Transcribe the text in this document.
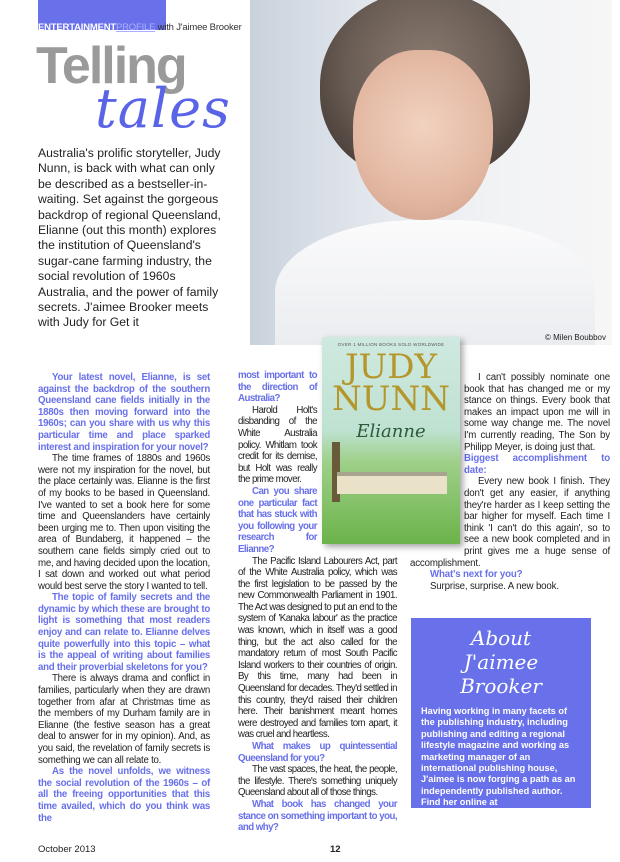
ENTERTAINMENTPROFILE with J'aimee Brooker
Telling
tales
Australia's prolific storyteller, Judy Nunn, is back with what can only be described as a bestseller-in-waiting. Set against the gorgeous backdrop of regional Queensland, Elianne (out this month) explores the institution of Queensland's sugar-cane farming industry, the social revolution of 1960s Australia, and the power of family secrets. J'aimee Brooker meets with Judy for Get it
© Milen Boubbov

Your latest novel, Elianne, is set against the backdrop of the southern Queensland cane fields initially in the 1880s then moving forward into the 1960s; can you share with us why this particular time and place sparked interest and inspiration for your novel?

The time frames of 1880s and 1960s were not my inspiration for the novel, but the place certainly was. Elianne is the first of my books to be based in Queensland. I've wanted to set a book here for some time and Queenslanders have certainly been urging me to. Then upon visiting the area of Bundaberg, it happened – the southern cane fields simply cried out to me, and having decided upon the location, I sat down and worked out what period would best serve the story I wanted to tell.

The topic of family secrets and the dynamic by which these are brought to light is something that most readers enjoy and can relate to. Elianne delves quite powerfully into this topic – what is the appeal of writing about families and their proverbial skeletons for you?

There is always drama and conflict in families, particularly when they are drawn together from afar at Christmas time as the members of my Durham family are in Elianne (the festive season has a great deal to answer for in my opinion). And, as you said, the revelation of family secrets is something we can all relate to.

As the novel unfolds, we witness the social revolution of the 1960s – of all the freeing opportunities that this time availed, which do you think was the

most important to the direction of Australia?

Harold Holt's disbanding of the White Australia policy. Whitlam took credit for its demise, but Holt was really the prime mover.

Can you share one particular fact that has stuck with you following your research for Elianne?

The Pacific Island Labourers Act, part of the White Australia policy, which was the first legislation to be passed by the new Commonwealth Parliament in 1901. The Act was designed to put an end to the system of 'Kanaka labour' as the practice was known, which in itself was a good thing, but the act also called for the mandatory return of most South Pacific Island workers to their countries of origin. By this time, many had been in Queensland for decades. They'd settled in this country, they'd raised their children here. Their banishment meant homes were destroyed and families torn apart, it was cruel and heartless.

What makes up quintessential Queensland for you?

The vast spaces, the heat, the people, the lifestyle. There's something uniquely Queensland about all of those things.

What book has changed your stance on something important to you, and why?

I can't possibly nominate one book that has changed me or my stance on things. Every book that makes an impact upon me will in some way change me. The novel I'm currently reading, The Son by Philipp Meyer, is doing just that.

Biggest accomplishment to date:

Every new book I finish. They don't get any easier, if anything they're harder as I keep setting the bar higher for myself. Each time I think 'I can't do this again', so to see a new book completed and in print gives me a huge sense of accomplishment.

What's next for you?

Surprise, surprise. A new book.

OVER 1 MILLION BOOKS SOLD WORLDWIDE
JUDY NUNN
Elianne
About
J'aimee Brooker
Having working in many facets of the publishing industry, including publishing and editing a regional lifestyle magazine and working as marketing manager of an international publishing house, J'aimee is now forging a path as an independently published author. Find her online at jaimeebrooker.com.au or on Twitter @jaimee_brooker
October 2013	12
